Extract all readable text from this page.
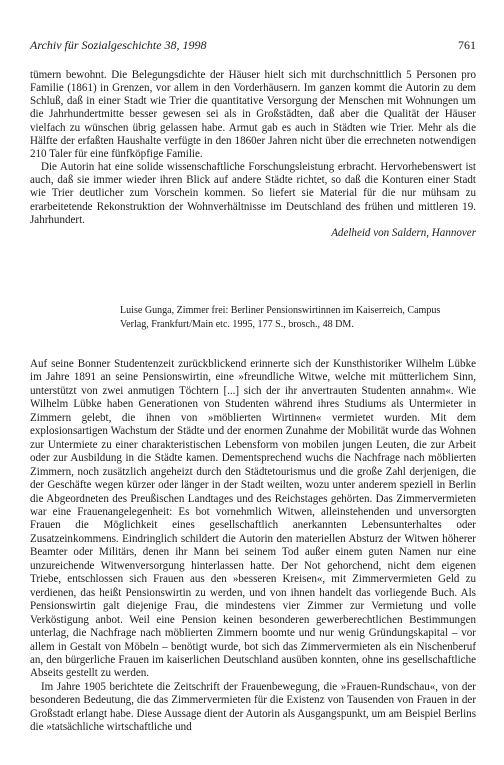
Archiv für Sozialgeschichte 38, 1998	761

tümern bewohnt. Die Belegungsdichte der Häuser hielt sich mit durchschnittlich 5 Personen pro Familie (1861) in Grenzen, vor allem in den Vorderhäusern. Im ganzen kommt die Autorin zu dem Schluß, daß in einer Stadt wie Trier die quantitative Versorgung der Menschen mit Wohnungen um die Jahrhundertmitte besser gewesen sei als in Großstädten, daß aber die Qualität der Häuser vielfach zu wünschen übrig gelassen habe. Armut gab es auch in Städten wie Trier. Mehr als die Hälfte der erfaßten Haushalte verfügte in den 1860er Jahren nicht über die errechneten notwendigen 210 Taler für eine fünfköpfige Familie.

Die Autorin hat eine solide wissenschaftliche Forschungsleistung erbracht. Hervorhebenswert ist auch, daß sie immer wieder ihren Blick auf andere Städte richtet, so daß die Konturen einer Stadt wie Trier deutlicher zum Vorschein kommen. So liefert sie Material für die nur mühsam zu erarbeitetende Rekonstruktion der Wohnverhältnisse im Deutschland des frühen und mittleren 19. Jahrhundert.

Adelheid von Saldern, Hannover

Luise Gunga, Zimmer frei: Berliner Pensionswirtinnen im Kaiserreich, Campus
Verlag, Frankfurt/Main etc. 1995, 177 S., brosch., 48 DM.

Auf seine Bonner Studentenzeit zurückblickend erinnerte sich der Kunsthistoriker Wilhelm Lübke im Jahre 1891 an seine Pensionswirtin, eine »freundliche Witwe, welche mit mütterlichem Sinn, unterstützt von zwei anmutigen Töchtern [...] sich der ihr anvertrauten Studenten annahm«. Wie Wilhelm Lübke haben Generationen von Studenten während ihres Studiums als Untermieter in Zimmern gelebt, die ihnen von »möblierten Wirtinnen« vermietet wurden. Mit dem explosionsartigen Wachstum der Städte und der enormen Zunahme der Mobilität wurde das Wohnen zur Untermiete zu einer charakteristischen Lebensform von mobilen jungen Leuten, die zur Arbeit oder zur Ausbildung in die Städte kamen. Dementsprechend wuchs die Nachfrage nach möblierten Zimmern, noch zusätzlich angeheizt durch den Städtetourismus und die große Zahl derjenigen, die der Geschäfte wegen kürzer oder länger in der Stadt weilten, wozu unter anderem speziell in Berlin die Abgeordneten des Preußischen Landtages und des Reichstages gehörten. Das Zimmervermieten war eine Frauenangelegenheit: Es bot vornehmlich Witwen, alleinstehenden und unversorgten Frauen die Möglichkeit eines gesellschaftlich anerkannten Lebensunterhaltes oder Zusatzeinkommens. Eindringlich schildert die Autorin den materiellen Absturz der Witwen höherer Beamter oder Militärs, denen ihr Mann bei seinem Tod außer einem guten Namen nur eine unzureichende Witwenversorgung hinterlassen hatte. Der Not gehorchend, nicht dem eigenen Triebe, entschlossen sich Frauen aus den »besseren Kreisen«, mit Zimmervermieten Geld zu verdienen, das heißt Pensionswirtin zu werden, und von ihnen handelt das vorliegende Buch. Als Pensionswirtin galt diejenige Frau, die mindestens vier Zimmer zur Vermietung und volle Verköstigung anbot. Weil eine Pension keinen besonderen gewerberechtlichen Bestimmungen unterlag, die Nachfrage nach möblierten Zimmern boomte und nur wenig Gründungskapital – vor allem in Gestalt von Möbeln – benötigt wurde, bot sich das Zimmervermieten als ein Nischenberuf an, den bürgerliche Frauen im kaiserlichen Deutschland ausüben konnten, ohne ins gesellschaftliche Abseits gestellt zu werden.

Im Jahre 1905 berichtete die Zeitschrift der Frauenbewegung, die »Frauen-Rundschau«, von der besonderen Bedeutung, die das Zimmervermieten für die Existenz von Tausenden von Frauen in der Großstadt erlangt habe. Diese Aussage dient der Autorin als Ausgangspunkt, um am Beispiel Berlins die »tatsächliche wirtschaftliche und
